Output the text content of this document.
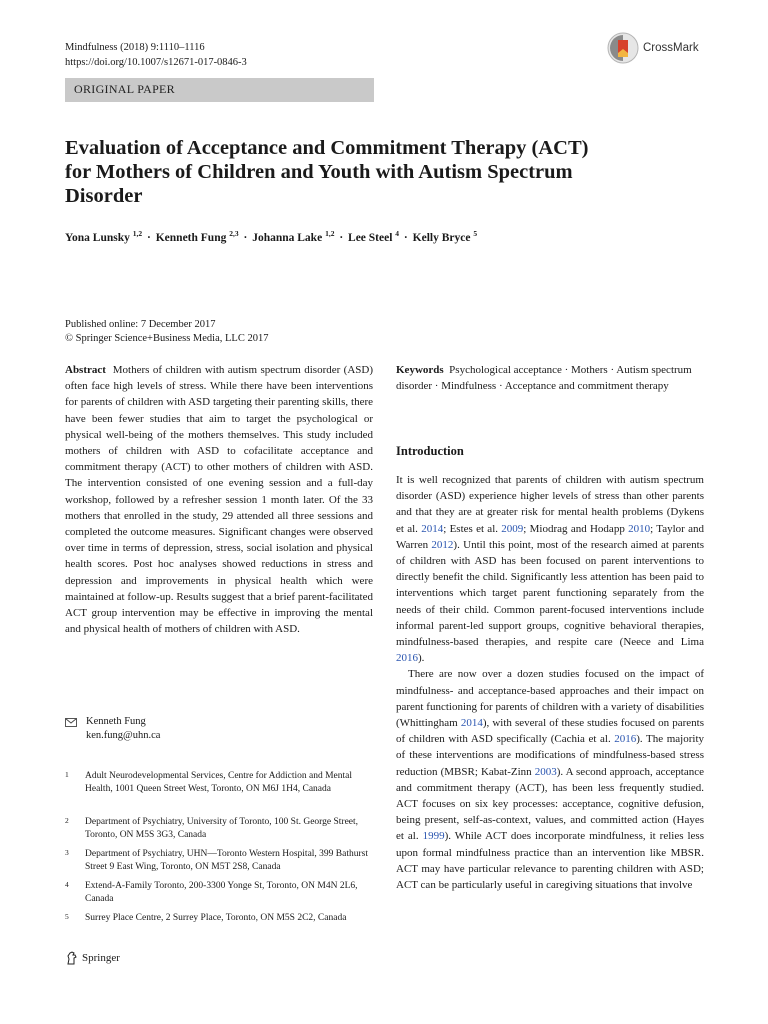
Mindfulness (2018) 9:1110–1116
https://doi.org/10.1007/s12671-017-0846-3
CrossMark
ORIGINAL PAPER
Evaluation of Acceptance and Commitment Therapy (ACT)
for Mothers of Children and Youth with Autism Spectrum
Disorder
Yona Lunsky $^{1,2}$ · Kenneth Fung $^{2,3}$ · Johanna Lake $^{1,2}$ · Lee Steel $^4$ · Kelly Bryce $^5$
Published online: 7 December 2017
© Springer Science+Business Media, LLC 2017
Abstract Mothers of children with autism spectrum disorder (ASD) often face high levels of stress. While there have been interventions for parents of children with ASD targeting their parenting skills, there have been fewer studies that aim to target the psychological or physical well-being of the mothers themselves. This study included mothers of children with ASD to cofacilitate acceptance and commitment therapy (ACT) to other mothers of children with ASD. The intervention consisted of one evening session and a full-day workshop, followed by a refresher session 1 month later. Of the 33 mothers that enrolled in the study, 29 attended all three sessions and completed the outcome measures. Significant changes were observed over time in terms of depression, stress, social isolation and physical health scores. Post hoc analyses showed reductions in stress and depression and improvements in physical health which were maintained at follow-up. Results suggest that a brief parent-facilitated ACT group intervention may be effective in improving the mental and physical health of mothers of children with ASD.
Keywords Psychological acceptance · Mothers · Autism spectrum disorder · Mindfulness · Acceptance and commitment therapy
Introduction

It is well recognized that parents of children with autism spectrum disorder (ASD) experience higher levels of stress than other parents and that they are at greater risk for mental health problems (Dykens et al. 2014; Estes et al. 2009; Miodrag and Hodapp 2010; Taylor and Warren 2012). Until this point, most of the research aimed at parents of children with ASD has been focused on parent interventions to directly benefit the child. Significantly less attention has been paid to interventions which target parent functioning separately from the needs of their child. Common parent-focused interventions include informal parent-led support groups, cognitive behavioral therapies, mindfulness-based therapies, and respite care (Neece and Lima 2016).

There are now over a dozen studies focused on the impact of mindfulness- and acceptance-based approaches and their impact on parent functioning for parents of children with a variety of disabilities (Whittingham 2014), with several of these studies focused on parents of children with ASD specifically (Cachia et al. 2016). The majority of these interventions are modifications of mindfulness-based stress reduction (MBSR; Kabat-Zinn 2003). A second approach, acceptance and commitment therapy (ACT), has been less frequently studied. ACT focuses on six key processes: acceptance, cognitive defusion, being present, self-as-context, values, and committed action (Hayes et al. 1999). While ACT does incorporate mindfulness, it relies less upon formal mindfulness practice than an intervention like MBSR. ACT may have particular relevance to parenting children with ASD; ACT can be particularly useful in caregiving situations that involve

Kenneth Fung
ken.fung@uhn.ca
1 Adult Neurodevelopmental Services, Centre for Addiction and Mental Health, 1001 Queen Street West, Toronto, ON M6J 1H4, Canada
2 Department of Psychiatry, University of Toronto, 100 St. George Street, Toronto, ON M5S 3G3, Canada
3 Department of Psychiatry, UHN—Toronto Western Hospital, 399 Bathurst Street 9 East Wing, Toronto, ON M5T 2S8, Canada
4 Extend-A-Family Toronto, 200-3300 Yonge St, Toronto, ON M4N 2L6, Canada
5 Surrey Place Centre, 2 Surrey Place, Toronto, ON M5S 2C2, Canada
Springer
